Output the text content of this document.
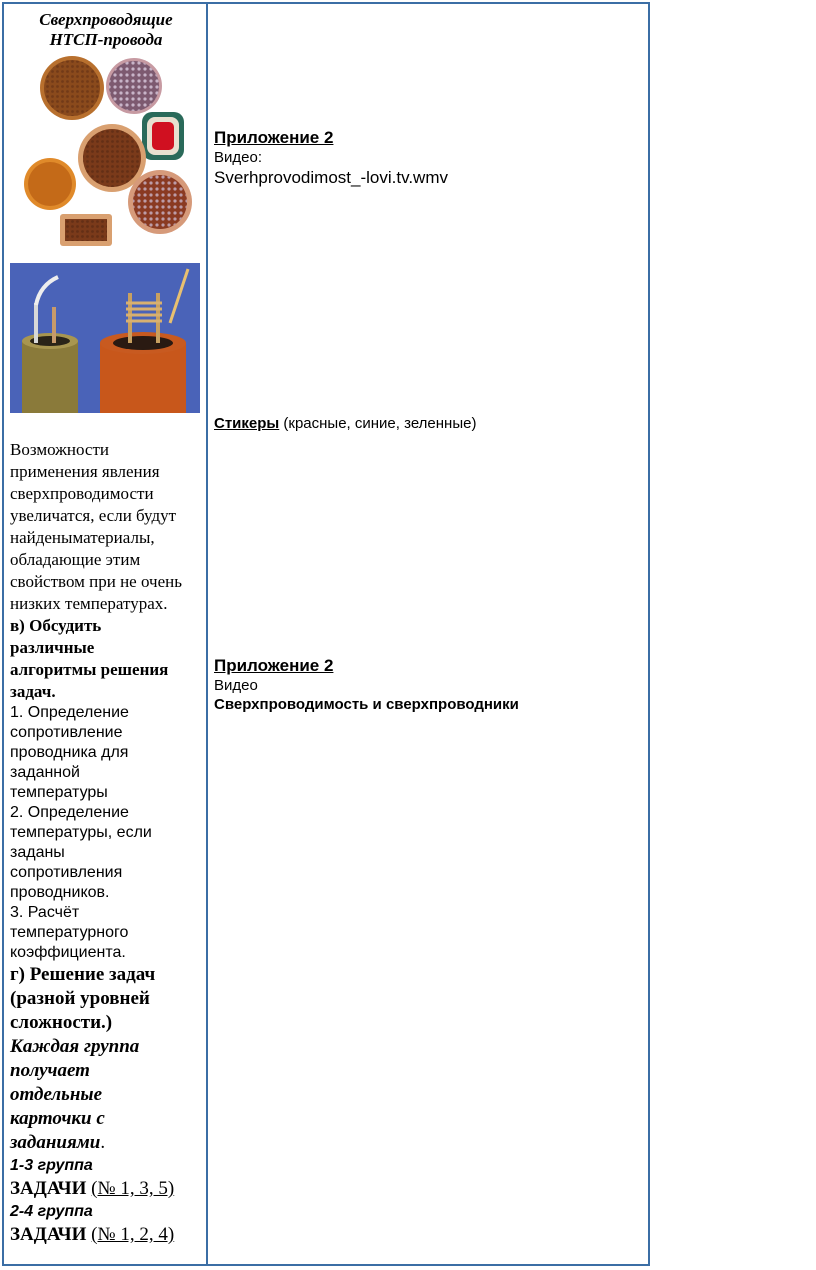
Сверхпроводящие
НТСП-провода

Возможности

применения явления

сверхпроводимости

увеличатся, если будут

найденыматериалы,

обладающие этим

свойством при не очень

низких температурах.

в) Обсудить

различные

алгоритмы решения

задач.

1. Определение

сопротивление

проводника для

заданной

температуры

2. Определение

температуры, если

заданы

сопротивления

проводников.

3. Расчёт

температурного

коэффициента.

г) Решение задач

(разной уровней

сложности.)

Каждая группа

получает

отдельные

карточки с

заданиями.

1-3 группа

ЗАДАЧИ (№ 1, 3, 5)

2-4 группа

ЗАДАЧИ (№ 1, 2, 4)

Приложение 2

Видео:

Sverhprovodimost_-lovi.tv.wmv

Стикеры (красные, синие, зеленные)

Приложение 2

Видео

Сверхпроводимость и сверхпроводники
